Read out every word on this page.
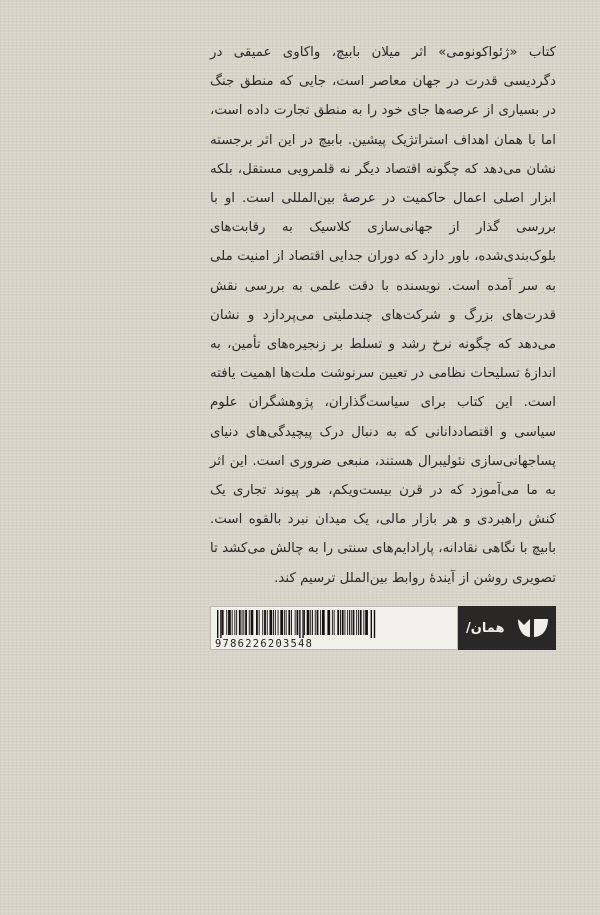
کتاب «ژئواکونومی» اثر میلان بابیچ، واکاوی عمیقی در دگردیسی قدرت در جهان معاصر است، جایی که منطق جنگ در بسیاری از عرصه‌ها جای خود را به منطق تجارت داده است، اما با همان اهداف استراتژیک پیشین. بابیچ در این اثر برجسته نشان می‌دهد که چگونه اقتصاد دیگر نه قلمرویی مستقل، بلکه ابزار اصلی اعمال حاکمیت در عرصهٔ بین‌المللی است. او با بررسی گذار از جهانی‌سازی کلاسیک به رقابت‌های بلوک‌بندی‌شده، باور دارد که دوران جدایی اقتصاد از امنیت ملی به سر آمده است. نویسنده با دقت علمی به بررسی نقش قدرت‌های بزرگ و شرکت‌های چندملیتی می‌پردازد و نشان می‌دهد که چگونه نرخ رشد و تسلط بر زنجیره‌های تأمین، به اندازهٔ تسلیحات نظامی در تعیین سرنوشت ملت‌ها اهمیت یافته است. این کتاب برای سیاست‌گذاران، پژوهشگران علوم سیاسی و اقتصاددانانی که به دنبال درک پیچیدگی‌های دنیای پساجهانی‌سازی نئولیبرال هستند، منبعی ضروری است. این اثر به ما می‌آموزد که در قرن بیست‌ویکم، هر پیوند تجاری یک کنش راهبردی و هر بازار مالی، یک میدان نبرد بالقوه است. بابیچ با نگاهی نقادانه، پارادایم‌های سنتی را به چالش می‌کشد تا تصویری روشن از آیندهٔ روابط بین‌الملل ترسیم کند.

9786226203548
همان/
